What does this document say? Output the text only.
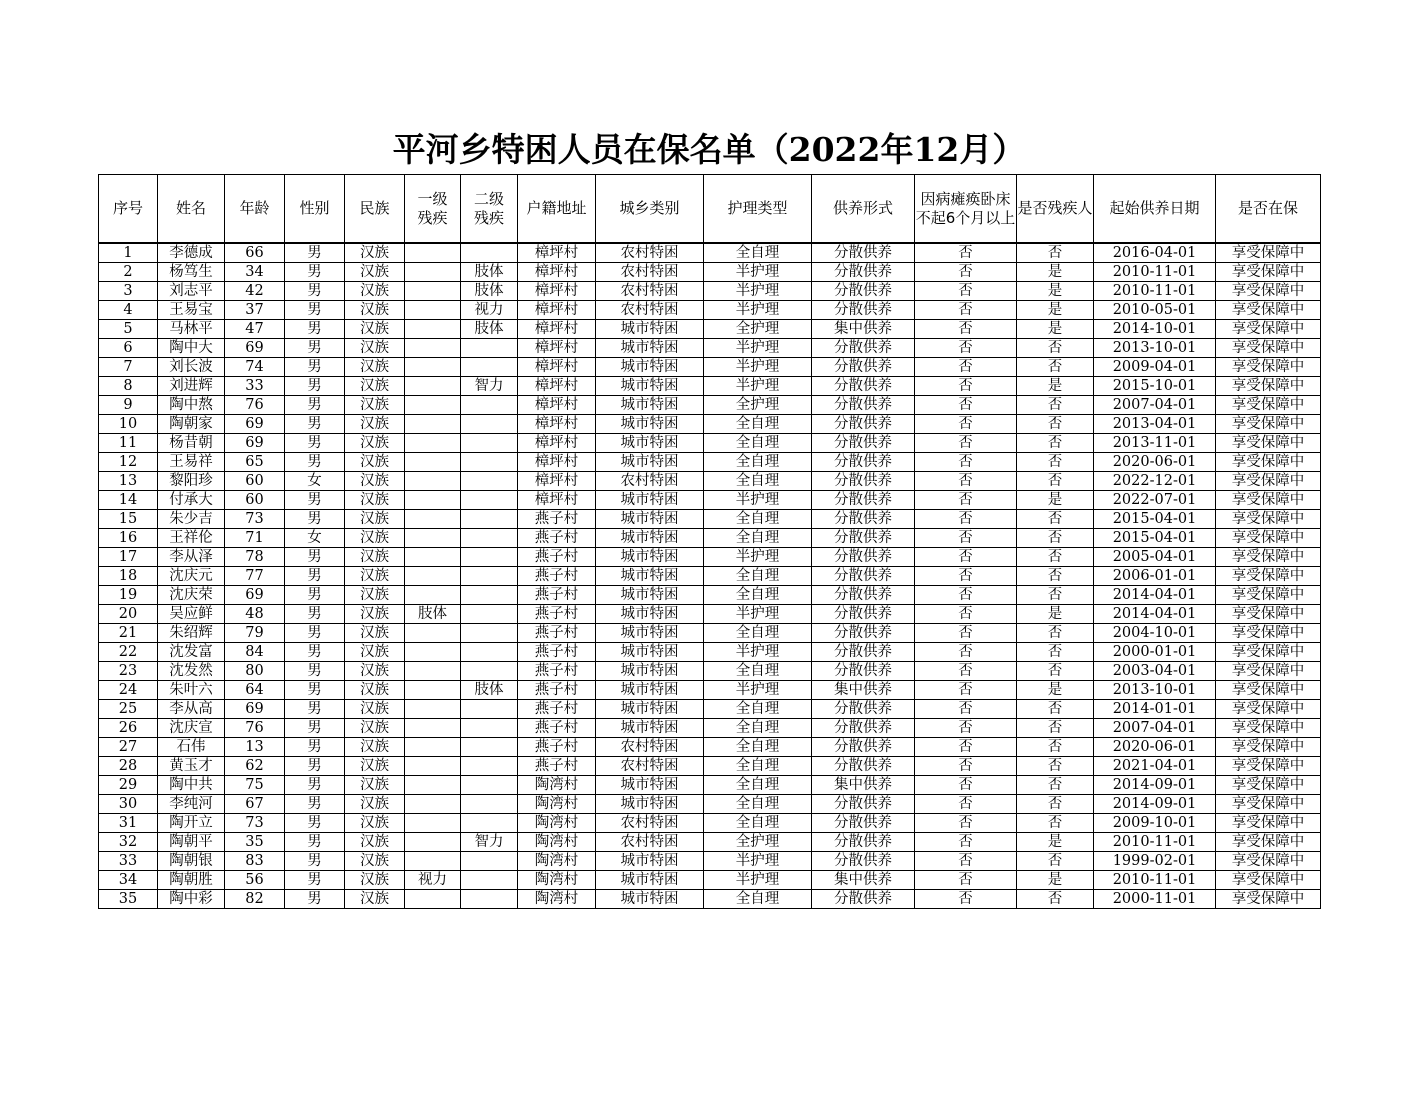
平河乡特困人员在保名单（2022年12月）
序号	姓名	年龄	性别	民族	一级残疾	二级残疾	户籍地址	城乡类别	护理类型	供养形式	因病瘫痪卧床不起6个月以上	是否残疾人	起始供养日期	是否在保
1	李德成	66	男	汉族			樟坪村	农村特困	全自理	分散供养	否	否	2016-04-01	享受保障中
2	杨笃生	34	男	汉族		肢体	樟坪村	农村特困	半护理	分散供养	否	是	2010-11-01	享受保障中
3	刘志平	42	男	汉族		肢体	樟坪村	农村特困	半护理	分散供养	否	是	2010-11-01	享受保障中
4	王易宝	37	男	汉族		视力	樟坪村	农村特困	半护理	分散供养	否	是	2010-05-01	享受保障中
5	马林平	47	男	汉族		肢体	樟坪村	城市特困	全护理	集中供养	否	是	2014-10-01	享受保障中
6	陶中大	69	男	汉族			樟坪村	城市特困	半护理	分散供养	否	否	2013-10-01	享受保障中
7	刘长波	74	男	汉族			樟坪村	城市特困	半护理	分散供养	否	否	2009-04-01	享受保障中
8	刘进辉	33	男	汉族		智力	樟坪村	城市特困	半护理	分散供养	否	是	2015-10-01	享受保障中
9	陶中熬	76	男	汉族			樟坪村	城市特困	全护理	分散供养	否	否	2007-04-01	享受保障中
10	陶朝家	69	男	汉族			樟坪村	城市特困	全自理	分散供养	否	否	2013-04-01	享受保障中
11	杨昔朝	69	男	汉族			樟坪村	城市特困	全自理	分散供养	否	否	2013-11-01	享受保障中
12	王易祥	65	男	汉族			樟坪村	城市特困	全自理	分散供养	否	否	2020-06-01	享受保障中
13	黎阳珍	60	女	汉族			樟坪村	农村特困	全自理	分散供养	否	否	2022-12-01	享受保障中
14	付承大	60	男	汉族			樟坪村	城市特困	半护理	分散供养	否	是	2022-07-01	享受保障中
15	朱少吉	73	男	汉族			燕子村	城市特困	全自理	分散供养	否	否	2015-04-01	享受保障中
16	王祥伦	71	女	汉族			燕子村	城市特困	全自理	分散供养	否	否	2015-04-01	享受保障中
17	李从泽	78	男	汉族			燕子村	城市特困	半护理	分散供养	否	否	2005-04-01	享受保障中
18	沈庆元	77	男	汉族			燕子村	城市特困	全自理	分散供养	否	否	2006-01-01	享受保障中
19	沈庆荣	69	男	汉族			燕子村	城市特困	全自理	分散供养	否	否	2014-04-01	享受保障中
20	吴应鲜	48	男	汉族	肢体		燕子村	城市特困	半护理	分散供养	否	是	2014-04-01	享受保障中
21	朱绍辉	79	男	汉族			燕子村	城市特困	全自理	分散供养	否	否	2004-10-01	享受保障中
22	沈发富	84	男	汉族			燕子村	城市特困	半护理	分散供养	否	否	2000-01-01	享受保障中
23	沈发然	80	男	汉族			燕子村	城市特困	全自理	分散供养	否	否	2003-04-01	享受保障中
24	朱叶六	64	男	汉族		肢体	燕子村	城市特困	半护理	集中供养	否	是	2013-10-01	享受保障中
25	李从高	69	男	汉族			燕子村	城市特困	全自理	分散供养	否	否	2014-01-01	享受保障中
26	沈庆宣	76	男	汉族			燕子村	城市特困	全自理	分散供养	否	否	2007-04-01	享受保障中
27	石伟	13	男	汉族			燕子村	农村特困	全自理	分散供养	否	否	2020-06-01	享受保障中
28	黄玉才	62	男	汉族			燕子村	农村特困	全自理	分散供养	否	否	2021-04-01	享受保障中
29	陶中共	75	男	汉族			陶湾村	城市特困	全自理	集中供养	否	否	2014-09-01	享受保障中
30	李纯河	67	男	汉族			陶湾村	城市特困	全自理	分散供养	否	否	2014-09-01	享受保障中
31	陶开立	73	男	汉族			陶湾村	农村特困	全自理	分散供养	否	否	2009-10-01	享受保障中
32	陶朝平	35	男	汉族		智力	陶湾村	农村特困	全护理	分散供养	否	是	2010-11-01	享受保障中
33	陶朝银	83	男	汉族			陶湾村	城市特困	半护理	分散供养	否	否	1999-02-01	享受保障中
34	陶朝胜	56	男	汉族	视力		陶湾村	城市特困	半护理	集中供养	否	是	2010-11-01	享受保障中
35	陶中彩	82	男	汉族			陶湾村	城市特困	全自理	分散供养	否	否	2000-11-01	享受保障中
